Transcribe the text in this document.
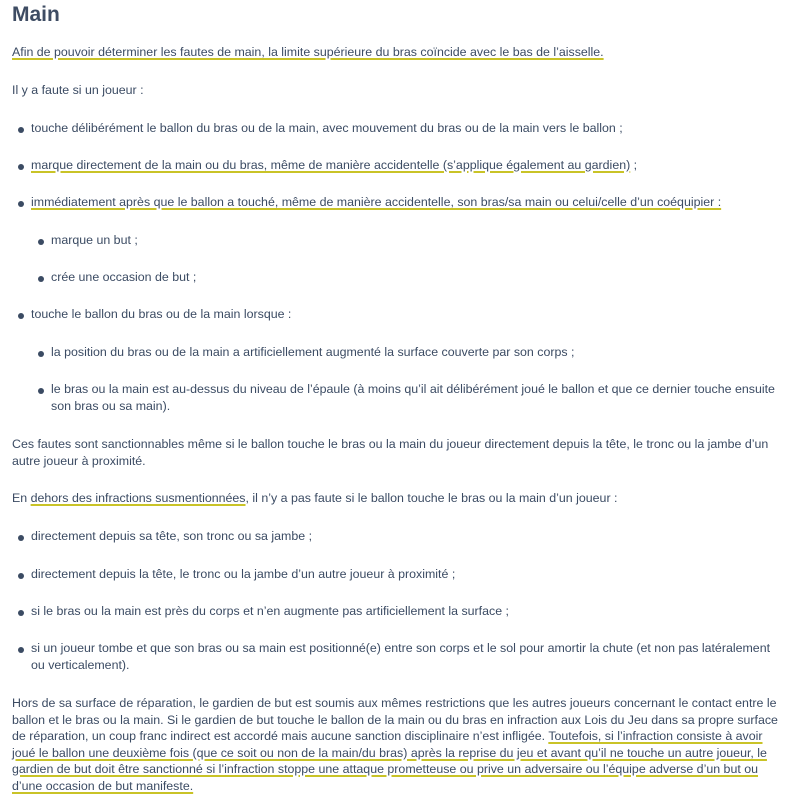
Main

Afin de pouvoir déterminer les fautes de main, la limite supérieure du bras coïncide avec le bas de l’aisselle.

Il y a faute si un joueur :

touche délibérément le ballon du bras ou de la main, avec mouvement du bras ou de la main vers le ballon ;

marque directement de la main ou du bras, même de manière accidentelle (s’applique également au gardien) ;

immédiatement après que le ballon a touché, même de manière accidentelle, son bras/sa main ou celui/celle d’un coéquipier :

marque un but ;

crée une occasion de but ;

touche le ballon du bras ou de la main lorsque :

la position du bras ou de la main a artificiellement augmenté la surface couverte par son corps ;

le bras ou la main est au-dessus du niveau de l’épaule (à moins qu’il ait délibérément joué le ballon et que ce dernier touche ensuite
son bras ou sa main).

Ces fautes sont sanctionnables même si le ballon touche le bras ou la main du joueur directement depuis la tête, le tronc ou la jambe d’un
autre joueur à proximité.

En dehors des infractions susmentionnées, il n’y a pas faute si le ballon touche le bras ou la main d’un joueur :

directement depuis sa tête, son tronc ou sa jambe ;

directement depuis la tête, le tronc ou la jambe d’un autre joueur à proximité ;

si le bras ou la main est près du corps et n’en augmente pas artificiellement la surface ;

si un joueur tombe et que son bras ou sa main est positionné(e) entre son corps et le sol pour amortir la chute (et non pas latéralement
ou verticalement).

Hors de sa surface de réparation, le gardien de but est soumis aux mêmes restrictions que les autres joueurs concernant le contact entre le
ballon et le bras ou la main. Si le gardien de but touche le ballon de la main ou du bras en infraction aux Lois du Jeu dans sa propre surface
de réparation, un coup franc indirect est accordé mais aucune sanction disciplinaire n’est infligée. Toutefois, si l’infraction consiste à avoir
joué le ballon une deuxième fois (que ce soit ou non de la main/du bras) après la reprise du jeu et avant qu’il ne touche un autre joueur, le
gardien de but doit être sanctionné si l’infraction stoppe une attaque prometteuse ou prive un adversaire ou l’équipe adverse d’un but ou
d’une occasion de but manifeste.
